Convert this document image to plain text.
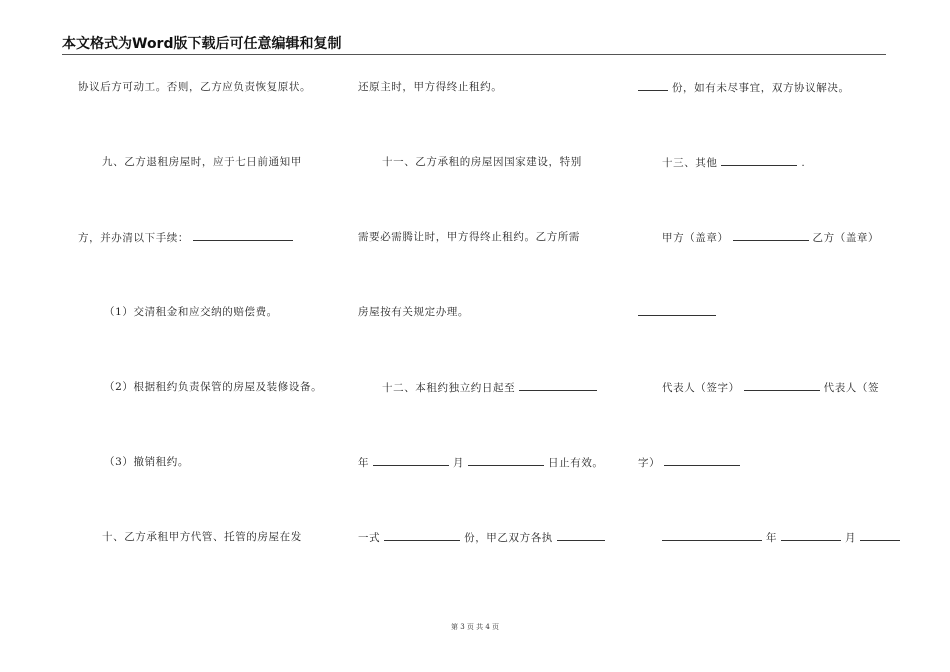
本文格式为Word版下载后可任意编辑和复制
协议后方可动工。否则，乙方应负责恢复原状。
九、乙方退租房屋时，应于七日前通知甲
方，并办清以下手续：
（1）交清租金和应交纳的赔偿费。
（2）根据租约负责保管的房屋及装修设备。
（3）撤销租约。
十、乙方承租甲方代管、托管的房屋在发
还原主时，甲方得终止租约。
十一、乙方承租的房屋因国家建设，特别
需要必需腾让时，甲方得终止租约。乙方所需
房屋按有关规定办理。
十二、本租约独立约日起至
年	月	日止有效。
一式	份，甲乙双方各执
份，如有未尽事宜，双方协议解决。
十三、其他	.
甲方（盖章）	乙方（盖章）
代表人（签字）	代表人（签
字）
年	月
第 3 页 共 4 页
